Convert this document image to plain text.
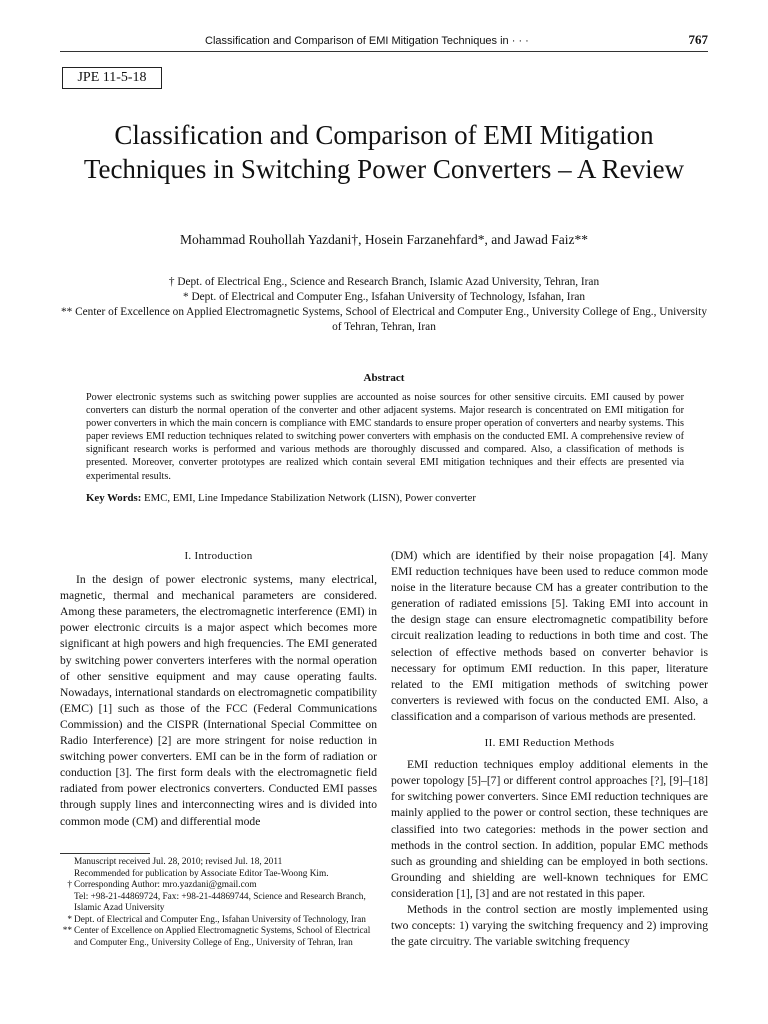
Classification and Comparison of EMI Mitigation Techniques in · · ·	767
JPE 11-5-18
Classification and Comparison of EMI Mitigation Techniques in Switching Power Converters – A Review
Mohammad Rouhollah Yazdani†, Hosein Farzanehfard*, and Jawad Faiz**
† Dept. of Electrical Eng., Science and Research Branch, Islamic Azad University, Tehran, Iran
* Dept. of Electrical and Computer Eng., Isfahan University of Technology, Isfahan, Iran
** Center of Excellence on Applied Electromagnetic Systems, School of Electrical and Computer Eng., University College of Eng., University of Tehran, Tehran, Iran
Abstract
Power electronic systems such as switching power supplies are accounted as noise sources for other sensitive circuits. EMI caused by power converters can disturb the normal operation of the converter and other adjacent systems. Major research is concentrated on EMI mitigation for power converters in which the main concern is compliance with EMC standards to ensure proper operation of converters and nearby systems. This paper reviews EMI reduction techniques related to switching power converters with emphasis on the conducted EMI. A comprehensive review of significant research works is performed and various methods are thoroughly discussed and compared. Also, a classification of methods is presented. Moreover, converter prototypes are realized which contain several EMI mitigation techniques and their effects are presented via experimental results.
Key Words: EMC, EMI, Line Impedance Stabilization Network (LISN), Power converter

I. Introduction

In the design of power electronic systems, many electrical, magnetic, thermal and mechanical parameters are considered. Among these parameters, the electromagnetic interference (EMI) in power electronic circuits is a major aspect which becomes more significant at high powers and high frequencies. The EMI generated by switching power converters interferes with the normal operation of other sensitive equipment and may cause operating faults. Nowadays, international standards on electromagnetic compatibility (EMC) [1] such as those of the FCC (Federal Communications Commission) and the CISPR (International Special Committee on Radio Interference) [2] are more stringent for noise reduction in switching power converters. EMI can be in the form of radiation or conduction [3]. The first form deals with the electromagnetic field radiated from power electronics converters. Conducted EMI passes through supply lines and interconnecting wires and is divided into common mode (CM) and differential mode

(DM) which are identified by their noise propagation [4]. Many EMI reduction techniques have been used to reduce common mode noise in the literature because CM has a greater contribution to the generation of radiated emissions [5]. Taking EMI into account in the design stage can ensure electromagnetic compatibility before circuit realization leading to reductions in both time and cost. The selection of effective methods based on converter behavior is necessary for optimum EMI reduction. In this paper, literature related to the EMI mitigation methods of switching power converters is reviewed with focus on the conducted EMI. Also, a classification and a comparison of various methods are presented.

II. EMI Reduction Methods

EMI reduction techniques employ additional elements in the power topology [5]–[7] or different control approaches [?], [9]–[18] for switching power converters. Since EMI reduction techniques are mainly applied to the power or control section, these techniques are classified into two categories: methods in the power section and methods in the control section. In addition, popular EMC methods such as grounding and shielding can be employed in both sections. Grounding and shielding are well-known techniques for EMC consideration [1], [3] and are not restated in this paper.

Methods in the control section are mostly implemented using two concepts: 1) varying the switching frequency and 2) improving the gate circuitry. The variable switching frequency

Manuscript received Jul. 28, 2010; revised Jul. 18, 2011
Recommended for publication by Associate Editor Tae-Woong Kim.
† Corresponding Author: mro.yazdani@gmail.com
Tel: +98-21-44869724, Fax: +98-21-44869744, Science and Research Branch, Islamic Azad University
* Dept. of Electrical and Computer Eng., Isfahan University of Technology, Iran
** Center of Excellence on Applied Electromagnetic Systems, School of Electrical and Computer Eng., University College of Eng., University of Tehran, Iran
